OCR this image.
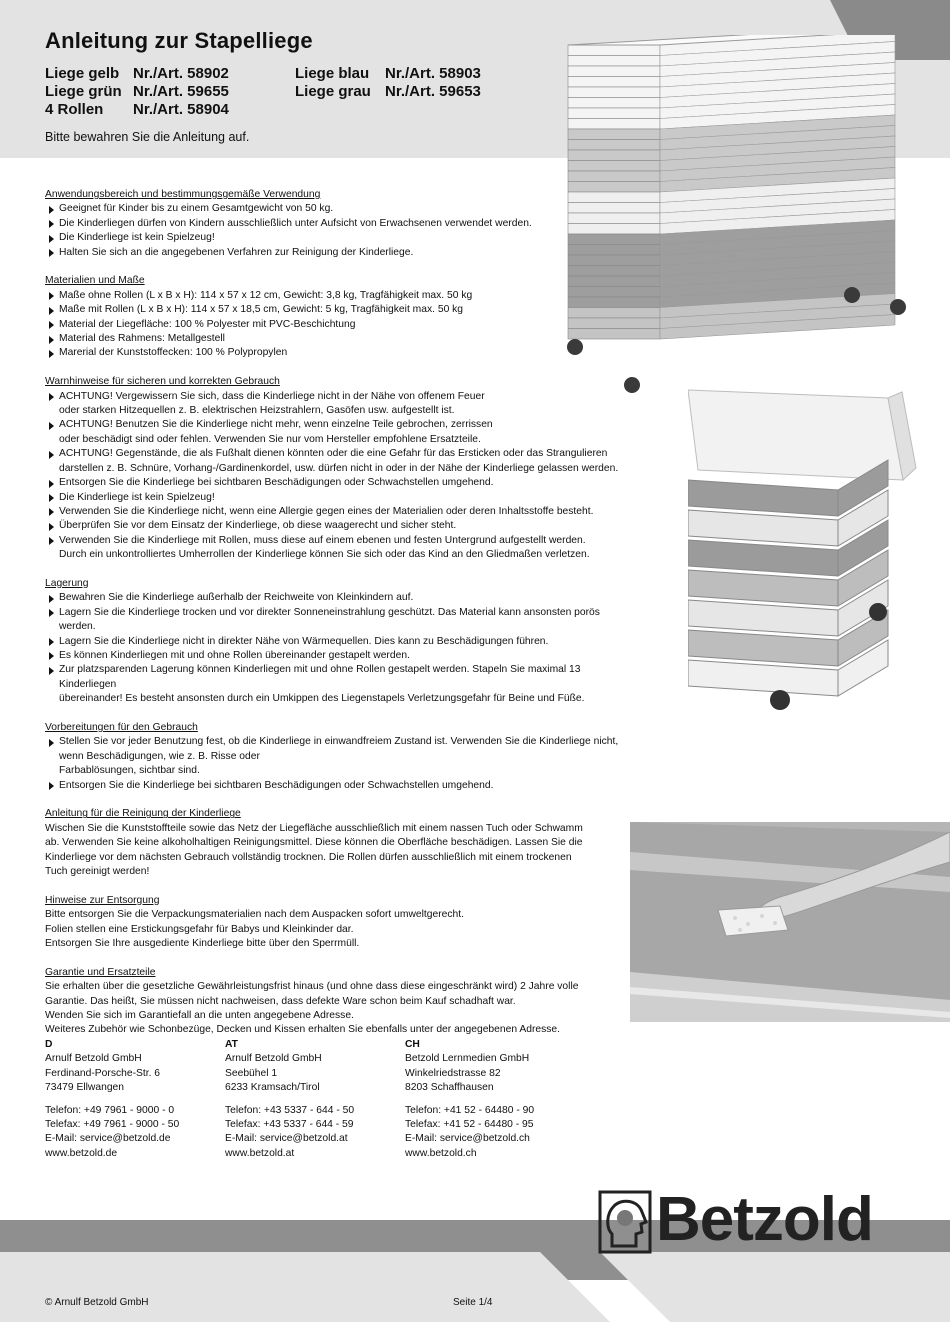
Anleitung zur Stapelliege
Liege gelb Nr./Art. 58902	Liege blau Nr./Art. 58903
Liege grün Nr./Art. 59655	Liege grau Nr./Art. 59653
4 Rollen Nr./Art. 58904
Bitte bewahren Sie die Anleitung auf.
Anwendungsbereich und bestimmungsgemäße Verwendung
Geeignet für Kinder bis zu einem Gesamtgewicht von 50 kg.
Die Kinderliegen dürfen von Kindern ausschließlich unter Aufsicht von Erwachsenen verwendet werden.
Die Kinderliege ist kein Spielzeug!
Halten Sie sich an die angegebenen Verfahren zur Reinigung der Kinderliege.
Materialien und Maße
Maße ohne Rollen (L x B x H): 114 x 57 x 12 cm, Gewicht: 3,8 kg, Tragfähigkeit max. 50 kg
Maße mit Rollen (L x B x H): 114 x 57 x 18,5 cm, Gewicht: 5 kg, Tragfähigkeit max. 50 kg
Material der Liegefläche: 100 % Polyester mit PVC-Beschichtung
Material des Rahmens: Metallgestell
Marerial der Kunststoffecken: 100 % Polypropylen
Warnhinweise für sicheren und korrekten Gebrauch
ACHTUNG! Vergewissern Sie sich, dass die Kinderliege nicht in der Nähe von offenem Feuer
oder starken Hitzequellen z. B. elektrischen Heizstrahlern, Gasöfen usw. aufgestellt ist.
ACHTUNG! Benutzen Sie die Kinderliege nicht mehr, wenn einzelne Teile gebrochen, zerrissen
oder beschädigt sind oder fehlen. Verwenden Sie nur vom Hersteller empfohlene Ersatzteile.
ACHTUNG! Gegenstände, die als Fußhalt dienen könnten oder die eine Gefahr für das Ersticken oder das Strangulieren
darstellen z. B. Schnüre, Vorhang-/Gardinenkordel, usw. dürfen nicht in oder in der Nähe der Kinderliege gelassen werden.
Entsorgen Sie die Kinderliege bei sichtbaren Beschädigungen oder Schwachstellen umgehend.
Die Kinderliege ist kein Spielzeug!
Verwenden Sie die Kinderliege nicht, wenn eine Allergie gegen eines der Materialien oder deren Inhaltsstoffe besteht.
Überprüfen Sie vor dem Einsatz der Kinderliege, ob diese waagerecht und sicher steht.
Verwenden Sie die Kinderliege mit Rollen, muss diese auf einem ebenen und festen Untergrund aufgestellt werden.
Durch ein unkontrolliertes Umherrollen der Kinderliege können Sie sich oder das Kind an den Gliedmaßen verletzen.
Lagerung
Bewahren Sie die Kinderliege außerhalb der Reichweite von Kleinkindern auf.
Lagern Sie die Kinderliege trocken und vor direkter Sonneneinstrahlung geschützt. Das Material kann ansonsten porös werden.
Lagern Sie die Kinderliege nicht in direkter Nähe von Wärmequellen. Dies kann zu Beschädigungen führen.
Es können Kinderliegen mit und ohne Rollen übereinander gestapelt werden.
Zur platzsparenden Lagerung können Kinderliegen mit und ohne Rollen gestapelt werden. Stapeln Sie maximal 13 Kinderliegen
übereinander! Es besteht ansonsten durch ein Umkippen des Liegenstapels Verletzungsgefahr für Beine und Füße.
Vorbereitungen für den Gebrauch
Stellen Sie vor jeder Benutzung fest, ob die Kinderliege in einwandfreiem Zustand ist. Verwenden Sie die Kinderliege nicht,
wenn Beschädigungen, wie z. B. Risse oder
Farbablösungen, sichtbar sind.
Entsorgen Sie die Kinderliege bei sichtbaren Beschädigungen oder Schwachstellen umgehend.
Anleitung für die Reinigung der Kinderliege
Wischen Sie die Kunststoffteile sowie das Netz der Liegefläche ausschließlich mit einem nassen Tuch oder Schwamm
ab. Verwenden Sie keine alkoholhaltigen Reinigungsmittel. Diese können die Oberfläche beschädigen. Lassen Sie die
Kinderliege vor dem nächsten Gebrauch vollständig trocknen. Die Rollen dürfen ausschließlich mit einem trockenen
Tuch gereinigt werden!
Hinweise zur Entsorgung
Bitte entsorgen Sie die Verpackungsmaterialien nach dem Auspacken sofort umweltgerecht.
Folien stellen eine Erstickungsgefahr für Babys und Kleinkinder dar.
Entsorgen Sie Ihre ausgediente Kinderliege bitte über den Sperrmüll.
Garantie und Ersatzteile
Sie erhalten über die gesetzliche Gewährleistungsfrist hinaus (und ohne dass diese eingeschränkt wird) 2 Jahre volle
Garantie. Das heißt, Sie müssen nicht nachweisen, dass defekte Ware schon beim Kauf schadhaft war.
Wenden Sie sich im Garantiefall an die unten angegebene Adresse.
Weiteres Zubehör wie Schonbezüge, Decken und Kissen erhalten Sie ebenfalls unter der angegebenen Adresse.
D
Arnulf Betzold GmbH
Ferdinand-Porsche-Str. 6
73479 Ellwangen
Telefon: +49 7961 - 9000 - 0
Telefax: +49 7961 - 9000 - 50
E-Mail: service@betzold.de
www.betzold.de
AT
Arnulf Betzold GmbH
Seebühel 1
6233 Kramsach/Tirol
Telefon: +43 5337 - 644 - 50
Telefax: +43 5337 - 644 - 59
E-Mail: service@betzold.at
www.betzold.at
CH
Betzold Lernmedien GmbH
Winkelriedstrasse 82
8203 Schaffhausen
Telefon: +41 52 - 64480 - 90
Telefax: +41 52 - 64480 - 95
E-Mail: service@betzold.ch
www.betzold.ch
Betzold
© Arnulf Betzold GmbH	Seite 1/4
